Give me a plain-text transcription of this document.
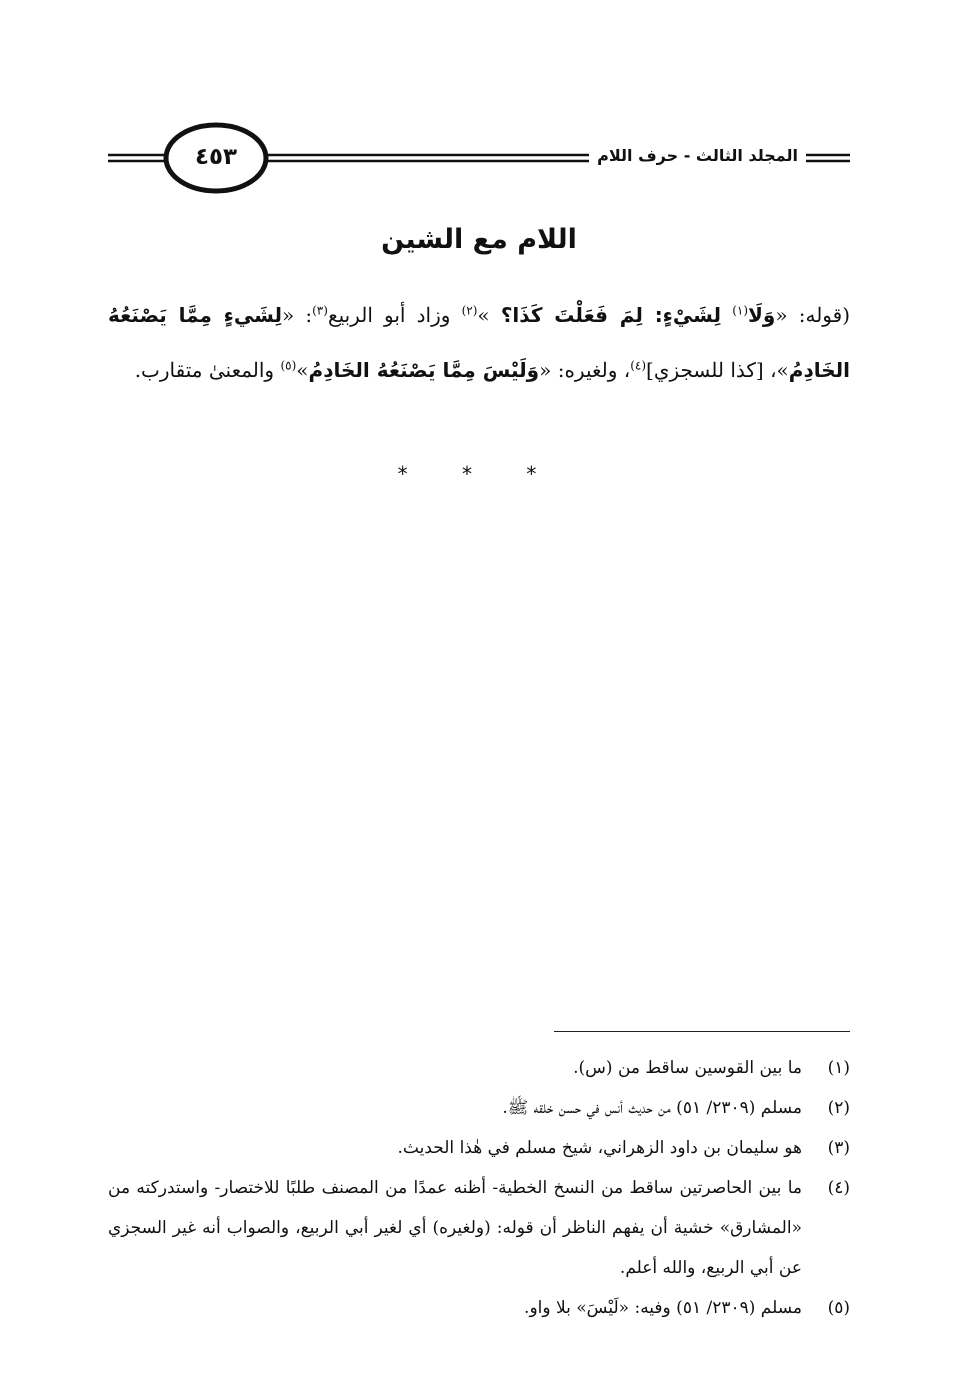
المجلد الثالث - حرف اللام
٤٥٣
اللام مع الشين

(قوله: «وَلَا$^{(١)}$ لِشَيْءٍ: لِمَ فَعَلْتَ كَذَا؟ »$^{(٢)}$ وزاد أبو الربيع$^{(٣)}$: «لِشَيءٍ مِمَّا يَصْنَعُهُ الخَادِمُ»، [كذا للسجزي]$^{(٤)}$، ولغيره: «وَلَيْسَ مِمَّا يَصْنَعُهُ الخَادِمُ»$^{(٥)}$ والمعنىٰ متقارب.

* * *
(١)
ما بين القوسين ساقط من (س).
(٢)
مسلم (٢٣٠٩/ ٥١) من حديث أنس في حسن خلقه ﷺ.
(٣)
هو سليمان بن داود الزهراني، شيخ مسلم في هٰذا الحديث.
(٤)
ما بين الحاصرتين ساقط من النسخ الخطية- أظنه عمدًا من المصنف طلبًا للاختصار- واستدركته من «المشارق» خشية أن يفهم الناظر أن قوله: (ولغيره) أي لغير أبي الربيع، والصواب أنه غير السجزي عن أبي الربيع، والله أعلم.
(٥)
مسلم (٢٣٠٩/ ٥١) وفيه: «لَيْسَ» بلا واو.
